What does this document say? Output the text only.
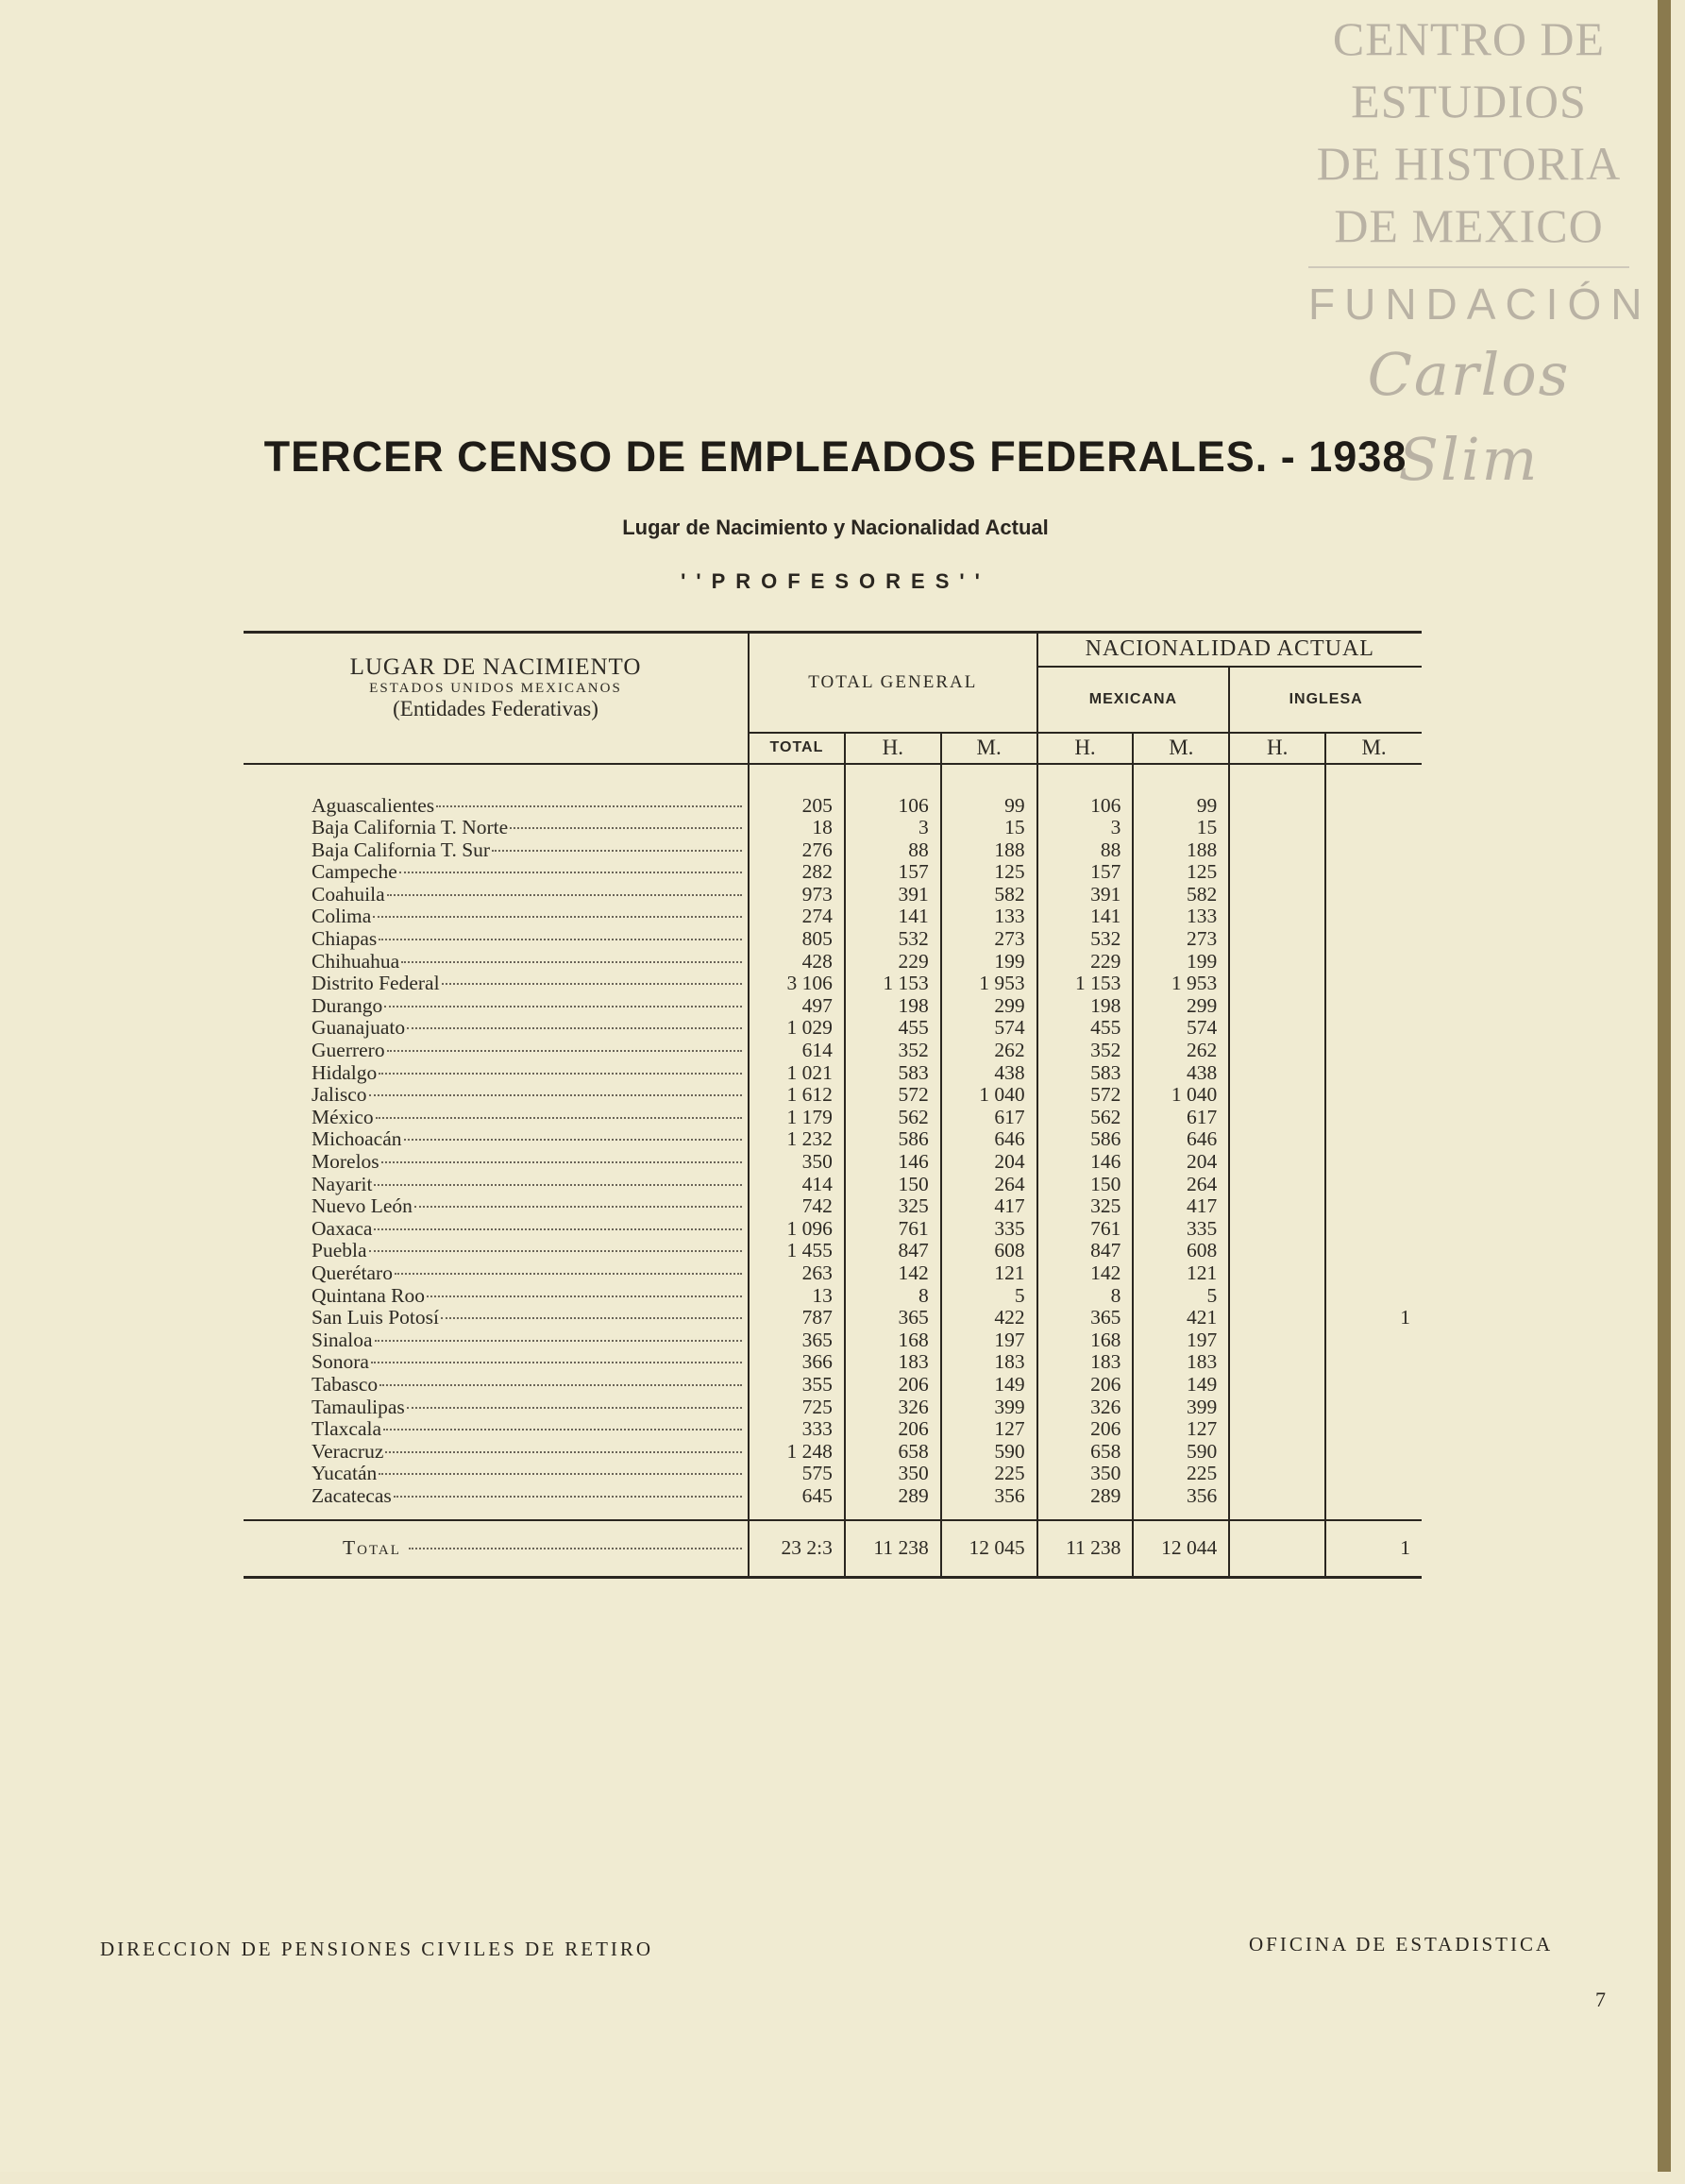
CENTRO DE
ESTUDIOS
DE HISTORIA
DE MEXICO
FUNDACIÓN
Carlos Slim
TERCER CENSO DE EMPLEADOS FEDERALES. - 1938
Lugar de Nacimiento y Nacionalidad Actual
''PROFESORES''
LUGAR DE NACIMIENTO
ESTADOS UNIDOS MEXICANOS
(Entidades Federativas)	TOTAL GENERAL			NACIONALIDAD ACTUAL			
				MEXICANA		INGLESA	
	TOTAL	H.	M.	H.	M.	H.	M.

Aguascalientes	205	106	99	106	99		

Baja California T. Norte	18	3	15	3	15		

Baja California T. Sur	276	88	188	88	188		

Campeche	282	157	125	157	125		

Coahuila	973	391	582	391	582		

Colima	274	141	133	141	133		

Chiapas	805	532	273	532	273		

Chihuahua	428	229	199	229	199		

Distrito Federal	3 106	1 153	1 953	1 153	1 953		

Durango	497	198	299	198	299		

Guanajuato	1 029	455	574	455	574		

Guerrero	614	352	262	352	262		

Hidalgo	1 021	583	438	583	438		

Jalisco	1 612	572	1 040	572	1 040		

México	1 179	562	617	562	617		

Michoacán	1 232	586	646	586	646		

Morelos	350	146	204	146	204		

Nayarit	414	150	264	150	264		

Nuevo León	742	325	417	325	417		

Oaxaca	1 096	761	335	761	335		

Puebla	1 455	847	608	847	608		

Querétaro	263	142	121	142	121		

Quintana Roo	13	8	5	8	5		

San Luis Potosí	787	365	422	365	421		1

Sinaloa	365	168	197	168	197		

Sonora	366	183	183	183	183		

Tabasco	355	206	149	206	149		

Tamaulipas	725	326	399	326	399		

Tlaxcala	333	206	127	206	127		

Veracruz	1 248	658	590	658	590		

Yucatán	575	350	225	350	225		

Zacatecas	645	289	356	289	356		

Total	23 2:3	11 238	12 045	11 238	12 044		1
DIRECCION DE PENSIONES CIVILES DE RETIRO	OFICINA DE ESTADISTICA
7
